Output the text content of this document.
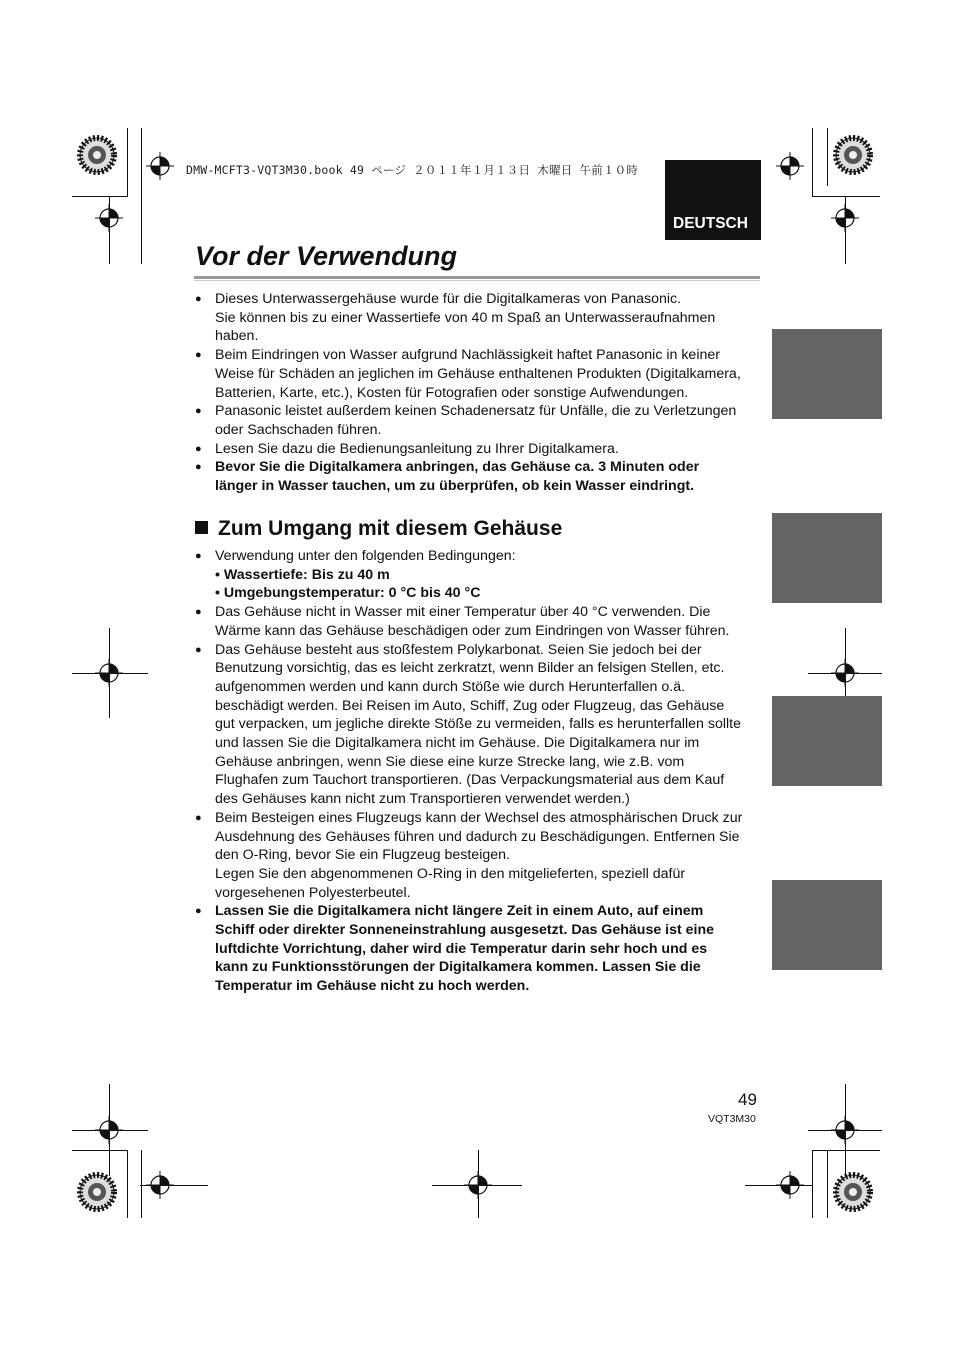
DMW-MCFT3-VQT3M30.book 49 ページ ２０１１年１月１３日 木曜日 午前１０時
DEUTSCH
Vor der Verwendung
● Dieses Unterwassergehäuse wurde für die Digitalkameras von Panasonic.
Sie können bis zu einer Wassertiefe von 40 m Spaß an Unterwasseraufnahmen
haben.
● Beim Eindringen von Wasser aufgrund Nachlässigkeit haftet Panasonic in keiner
Weise für Schäden an jeglichen im Gehäuse enthaltenen Produkten (Digitalkamera,
Batterien, Karte, etc.), Kosten für Fotografien oder sonstige Aufwendungen.
● Panasonic leistet außerdem keinen Schadenersatz für Unfälle, die zu Verletzungen
oder Sachschaden führen.
● Lesen Sie dazu die Bedienungsanleitung zu Ihrer Digitalkamera.
● Bevor Sie die Digitalkamera anbringen, das Gehäuse ca. 3 Minuten oder
länger in Wasser tauchen, um zu überprüfen, ob kein Wasser eindringt.
Zum Umgang mit diesem Gehäuse
● Verwendung unter den folgenden Bedingungen:
• Wassertiefe: Bis zu 40 m
• Umgebungstemperatur: 0 °C bis 40 °C
● Das Gehäuse nicht in Wasser mit einer Temperatur über 40 °C verwenden. Die
Wärme kann das Gehäuse beschädigen oder zum Eindringen von Wasser führen.
● Das Gehäuse besteht aus stoßfestem Polykarbonat. Seien Sie jedoch bei der
Benutzung vorsichtig, das es leicht zerkratzt, wenn Bilder an felsigen Stellen, etc.
aufgenommen werden und kann durch Stöße wie durch Herunterfallen o.ä.
beschädigt werden. Bei Reisen im Auto, Schiff, Zug oder Flugzeug, das Gehäuse
gut verpacken, um jegliche direkte Stöße zu vermeiden, falls es herunterfallen sollte
und lassen Sie die Digitalkamera nicht im Gehäuse. Die Digitalkamera nur im
Gehäuse anbringen, wenn Sie diese eine kurze Strecke lang, wie z.B. vom
Flughafen zum Tauchort transportieren. (Das Verpackungsmaterial aus dem Kauf
des Gehäuses kann nicht zum Transportieren verwendet werden.)
● Beim Besteigen eines Flugzeugs kann der Wechsel des atmosphärischen Druck zur
Ausdehnung des Gehäuses führen und dadurch zu Beschädigungen. Entfernen Sie
den O-Ring, bevor Sie ein Flugzeug besteigen.
Legen Sie den abgenommenen O-Ring in den mitgelieferten, speziell dafür
vorgesehenen Polyesterbeutel.
● Lassen Sie die Digitalkamera nicht längere Zeit in einem Auto, auf einem
Schiff oder direkter Sonneneinstrahlung ausgesetzt. Das Gehäuse ist eine
luftdichte Vorrichtung, daher wird die Temperatur darin sehr hoch und es
kann zu Funktionsstörungen der Digitalkamera kommen. Lassen Sie die
Temperatur im Gehäuse nicht zu hoch werden.
49
VQT3M30
